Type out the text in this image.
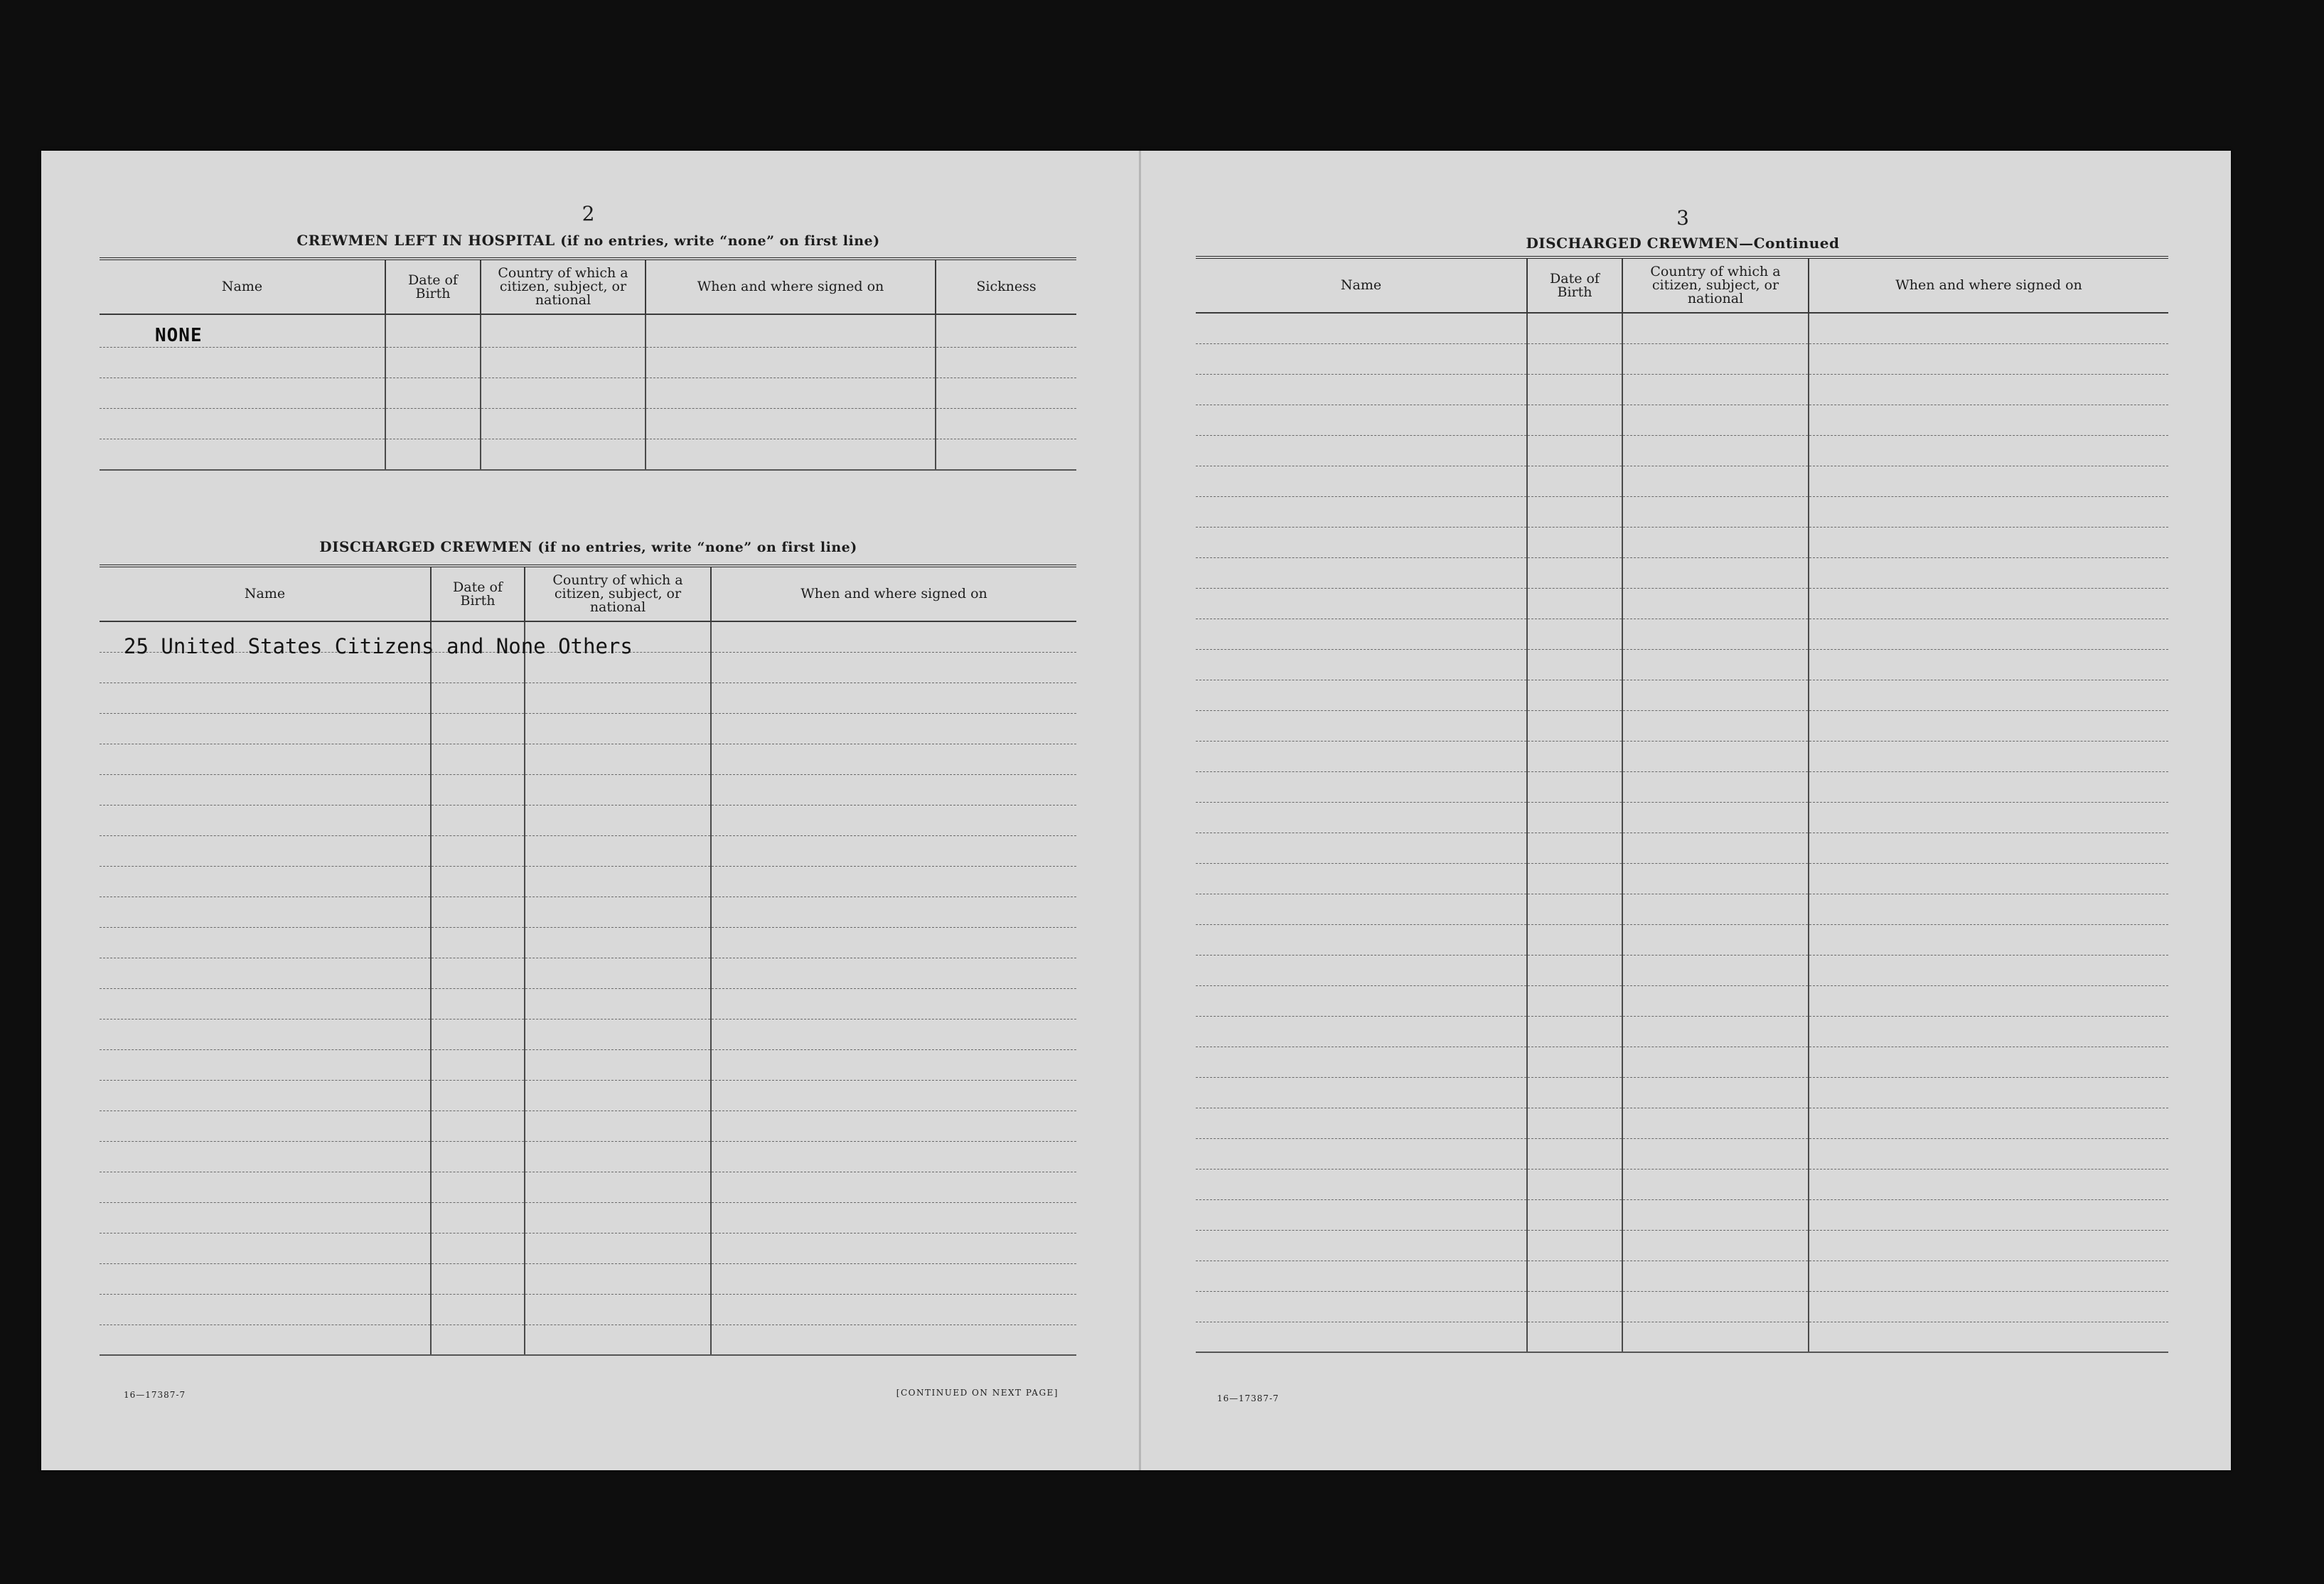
2
CREWMEN LEFT IN HOSPITAL (if no entries, write “none” on first line)
Name	Date of Birth	Country of which a citizen, subject, or national	When and where signed on	Sickness

NONE
DISCHARGED CREWMEN (if no entries, write “none” on first line)
Name	Date of Birth	Country of which a citizen, subject, or national	When and where signed on

25 United States Citizens and None Others
16—17387-7	[CONTINUED ON NEXT PAGE]
3
DISCHARGED CREWMEN—Continued
Name	Date of Birth	Country of which a citizen, subject, or national	When and where signed on

16—17387-7
